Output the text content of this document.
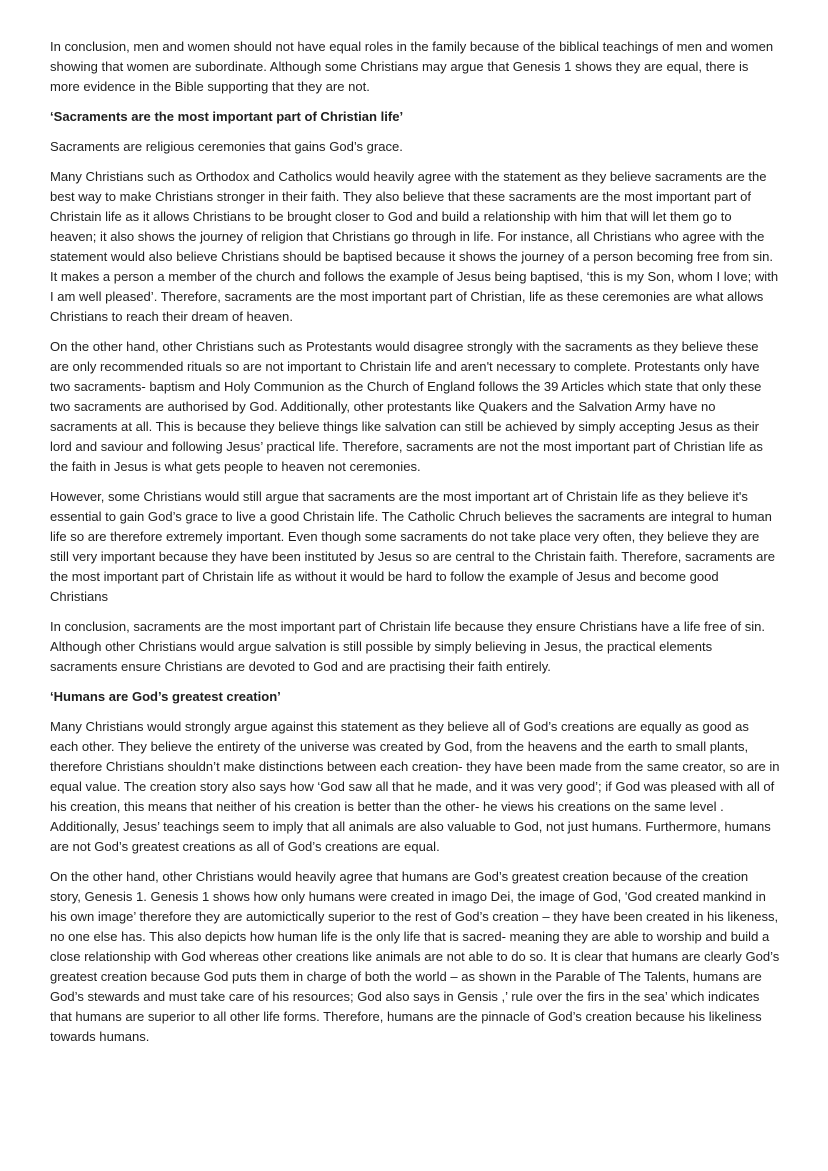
In conclusion, men and women should not have equal roles in the family because of the biblical teachings of men and women showing that women are subordinate. Although some Christians may argue that Genesis 1 shows they are equal, there is more evidence in the Bible supporting that they are not.

‘Sacraments are the most important part of Christian life’

Sacraments are religious ceremonies that gains God’s grace.

Many Christians such as Orthodox and Catholics would heavily agree with the statement as they believe sacraments are the best way to make Christians stronger in their faith. They also believe that these sacraments are the most important part of Christain life as it allows Christians to be brought closer to God and build a relationship with him that will let them go to heaven; it also shows the journey of religion that Christians go through in life. For instance, all Christians who agree with the statement would also believe Christians should be baptised because it shows the journey of a person becoming free from sin. It makes a person a member of the church and follows the example of Jesus being baptised, ‘this is my Son, whom I love; with I am well pleased’. Therefore, sacraments are the most important part of Christian, life as these ceremonies are what allows Christians to reach their dream of heaven.

On the other hand, other Christians such as Protestants would disagree strongly with the sacraments as they believe these are only recommended rituals so are not important to Christain life and aren't necessary to complete. Protestants only have two sacraments- baptism and Holy Communion as the Church of England follows the 39 Articles which state that only these two sacraments are authorised by God. Additionally, other protestants like Quakers and the Salvation Army have no sacraments at all. This is because they believe things like salvation can still be achieved by simply accepting Jesus as their lord and saviour and following Jesus’ practical life. Therefore, sacraments are not the most important part of Christian life as the faith in Jesus is what gets people to heaven not ceremonies.

However, some Christians would still argue that sacraments are the most important art of Christain life as they believe it's essential to gain God’s grace to live a good Christain life. The Catholic Chruch believes the sacraments are integral to human life so are therefore extremely important. Even though some sacraments do not take place very often, they believe they are still very important because they have been instituted by Jesus so are central to the Christain faith. Therefore, sacraments are the most important part of Christain life as without it would be hard to follow the example of Jesus and become good Christians

In conclusion, sacraments are the most important part of Christain life because they ensure Christians have a life free of sin. Although other Christians would argue salvation is still possible by simply believing in Jesus, the practical elements sacraments ensure Christians are devoted to God and are practising their faith entirely.

‘Humans are God’s greatest creation’

Many Christians would strongly argue against this statement as they believe all of God’s creations are equally as good as each other. They believe the entirety of the universe was created by God, from the heavens and the earth to small plants, therefore Christians shouldn’t make distinctions between each creation- they have been made from the same creator, so are in equal value. The creation story also says how ‘God saw all that he made, and it was very good’; if God was pleased with all of his creation, this means that neither of his creation is better than the other- he views his creations on the same level . Additionally, Jesus’ teachings seem to imply that all animals are also valuable to God, not just humans. Furthermore, humans are not God’s greatest creations as all of God’s creations are equal.

On the other hand, other Christians would heavily agree that humans are God’s greatest creation because of the creation story, Genesis 1. Genesis 1 shows how only humans were created in imago Dei, the image of God, 'God created mankind in his own image’ therefore they are automictically superior to the rest of God’s creation – they have been created in his likeness, no one else has. This also depicts how human life is the only life that is sacred- meaning they are able to worship and build a close relationship with God whereas other creations like animals are not able to do so. It is clear that humans are clearly God’s greatest creation because God puts them in charge of both the world – as shown in the Parable of The Talents, humans are God’s stewards and must take care of his resources; God also says in Gensis ,’ rule over the firs in the sea’ which indicates that humans are superior to all other life forms. Therefore, humans are the pinnacle of God’s creation because his likeliness towards humans.
